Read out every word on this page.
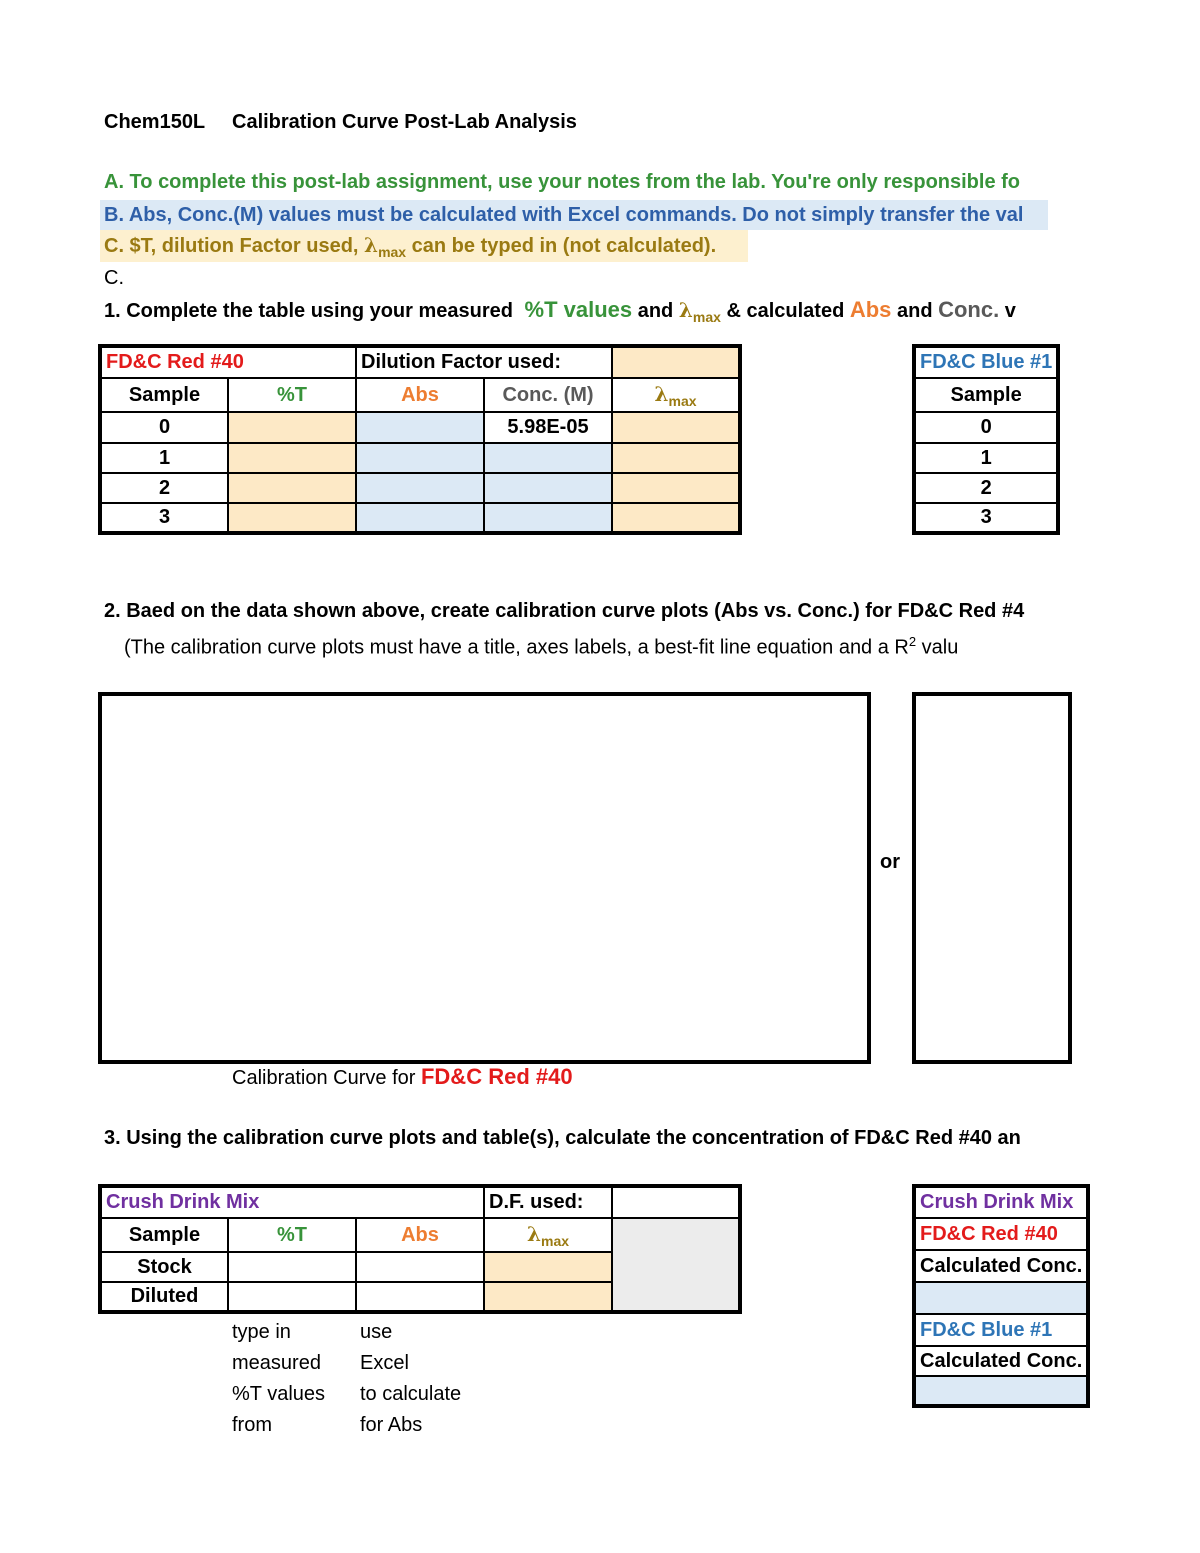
Chem150L Calibration Curve Post-Lab Analysis
A. To complete this post-lab assignment, use your notes from the lab. You're only responsible fo
B. Abs, Conc.(M) values must be calculated with Excel commands. Do not simply transfer the val
C. $T, dilution Factor used, $\lambda_{max}$ can be typed in (not calculated).
C.
1. Complete the table using your measured %T values and $\lambda_{max}$ & calculated Abs and Conc. v
FD&C Red #40		Dilution Factor used:		
Sample	%T	Abs	Conc. (M)	$\lambda_{max}$
0			5.98E-05	
1				
2				
3				
FD&C Blue #1
Sample
0
1
2
3
2. Baed on the data shown above, create calibration curve plots (Abs vs. Conc.) for FD&C Red #4
(The calibration curve plots must have a title, axes labels, a best-fit line equation and a $R^2$ valu
or
Calibration Curve for FD&C Red #40
3. Using the calibration curve plots and table(s), calculate the concentration of FD&C Red #40 an
Crush Drink Mix			D.F. used:	
Sample	%T	Abs	$\lambda_{max}$	
Stock				
Diluted				
type in
measured
%T values
from
use
Excel
to calculate
for Abs
Crush Drink Mix
FD&C Red #40
Calculated Conc.

FD&C Blue #1
Calculated Conc.
